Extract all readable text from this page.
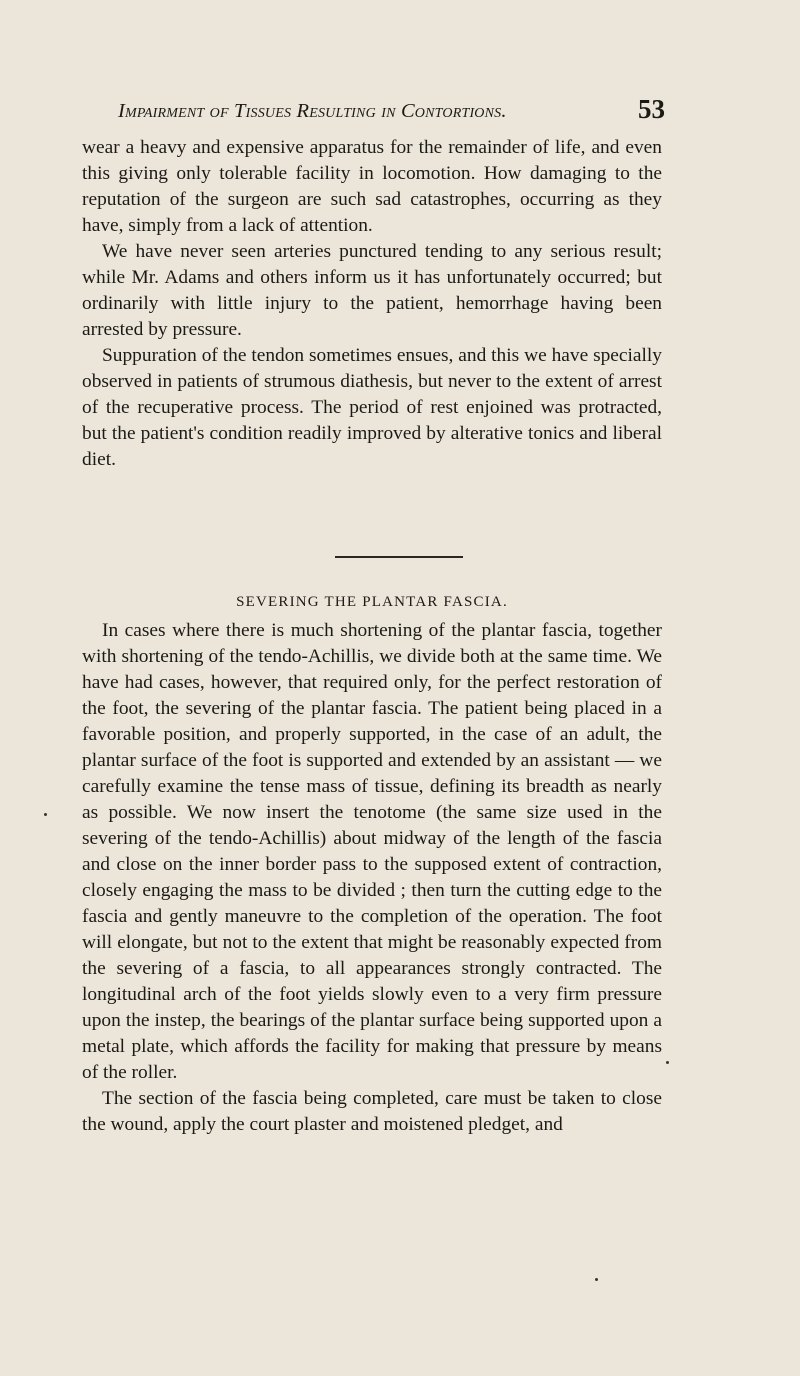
Impairment of Tissues Resulting in Contortions.	53

wear a heavy and expensive apparatus for the remainder of life, and even this giving only tolerable facility in locomotion. How damaging to the reputation of the surgeon are such sad catastrophes, occurring as they have, simply from a lack of attention.

We have never seen arteries punctured tending to any serious result; while Mr. Adams and others inform us it has unfortunately occurred; but ordinarily with little injury to the patient, hemorrhage having been arrested by pressure.

Suppuration of the tendon sometimes ensues, and this we have specially observed in patients of strumous diathesis, but never to the extent of arrest of the recuperative process. The period of rest enjoined was protracted, but the patient's condition readily improved by alterative tonics and liberal diet.

SEVERING THE PLANTAR FASCIA.

In cases where there is much shortening of the plantar fascia, together with shortening of the tendo-Achillis, we divide both at the same time. We have had cases, however, that required only, for the perfect restoration of the foot, the severing of the plantar fascia. The patient being placed in a favorable position, and properly supported, in the case of an adult, the plantar surface of the foot is supported and extended by an assistant — we carefully examine the tense mass of tissue, defining its breadth as nearly as possible. We now insert the tenotome (the same size used in the severing of the tendo-Achillis) about midway of the length of the fascia and close on the inner border pass to the supposed extent of contraction, closely engaging the mass to be divided ; then turn the cutting edge to the fascia and gently maneuvre to the completion of the operation. The foot will elongate, but not to the extent that might be reasonably expected from the severing of a fascia, to all appearances strongly contracted. The longitudinal arch of the foot yields slowly even to a very firm pressure upon the instep, the bearings of the plantar surface being supported upon a metal plate, which affords the facility for making that pressure by means of the roller.

The section of the fascia being completed, care must be taken to close the wound, apply the court plaster and moistened pledget, and
